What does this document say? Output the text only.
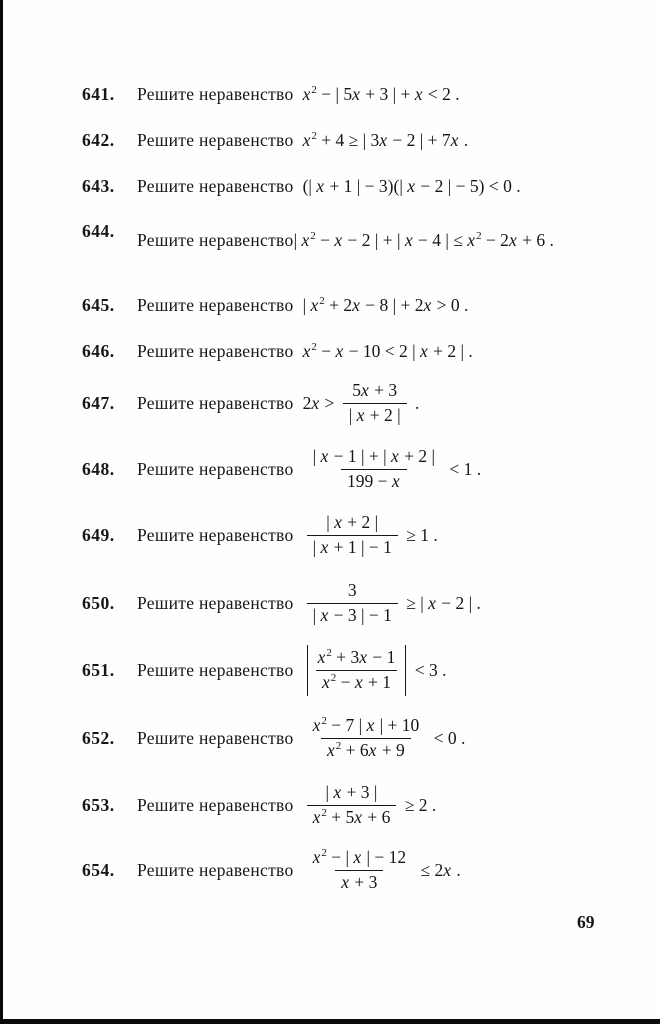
641.	Решите неравенство $x^2$ − | 5x + 3 | + x < 2 .
642.	Решите неравенство $x^2 + 4$ ≥ | 3x − 2 | + 7x .
643.	Решите неравенство (| x + 1 | − 3)(| x − 2 | − 5) < 0 .
644.	Решите неравенство | $x^2 - x - 2$ | + | x − 4 | ≤ $x^2 - 2x + 6$ .
645.	Решите неравенство | $x^2 + 2x - 8$ | + 2x > 0 .
646.	Решите неравенство $x^2 - x - 10 < 2$ | x + 2 | .
647.	Решите неравенство $2x > \frac{5x + 3}{| x + 2 |}$ .
648.	Решите неравенство $\frac{| x - 1 | + | x + 2 |}{199 - x} < 1$ .
649.	Решите неравенство $\frac{| x + 2 |}{| x + 1 | - 1} \ge 1$ .
650.	Решите неравенство $\frac{3}{| x - 3 | - 1}$ ≥ | x − 2 | .
651.	Решите неравенство $\frac{x^2 + 3x - 1}{x^2 - x + 1} < 3$ .
652.	Решите неравенство $\frac{x^2 - 7 | x | + 10}{x^2 + 6x + 9} < 0$ .
653.	Решите неравенство $\frac{| x + 3 |}{x^2 + 5x + 6} \ge 2$ .
654.	Решите неравенство $\frac{x^2 - | x | - 12}{x + 3} \le 2x$ .
69
